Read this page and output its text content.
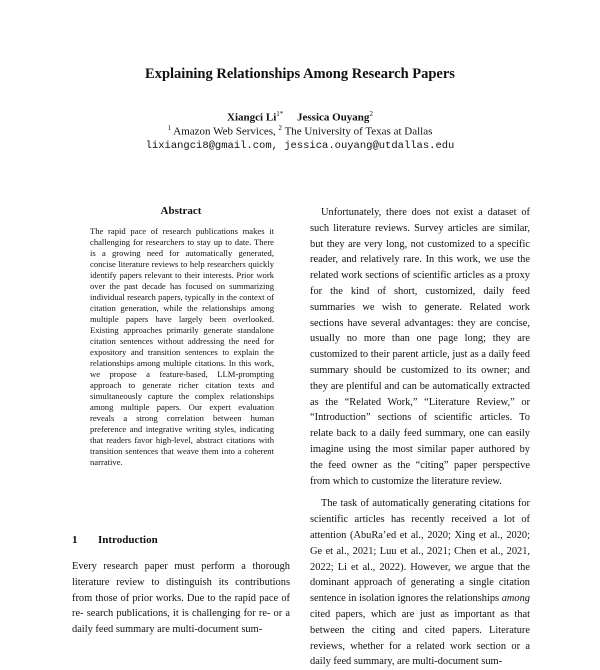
Explaining Relationships Among Research Papers
Xiangci $Li^{1*}$ Jessica Ouyang$^2$
$^1$ Amazon Web Services, $^2$ The University of Texas at Dallas
lixiangci8@gmail.com, jessica.ouyang@utdallas.edu
Abstract
The rapid pace of research publications makes it challenging for researchers to stay up to date. There is a growing need for automatically generated, concise literature reviews to help researchers quickly identify papers relevant to their interests. Prior work over the past decade has focused on summarizing individual research papers, typically in the context of citation generation, while the relationships among multiple papers have largely been overlooked. Existing approaches primarily generate standalone citation sentences without addressing the need for expository and transition sentences to explain the relationships among multiple citations. In this work, we propose a feature-based, LLM-prompting approach to generate richer citation texts and simultaneously capture the complex relationships among multiple papers. Our expert evaluation reveals a strong correlation between human preference and integrative writing styles, indicating that readers favor high-level, abstract citations with transition sentences that weave them into a coherent narrative.
1 Introduction
Every research paper must perform a thorough literature review to distinguish its contributions from those of prior works. Due to the rapid pace of re- search publications, it is challenging for re- or a daily feed summary are multi-document sum-

Unfortunately, there does not exist a dataset of such literature reviews. Survey articles are similar, but they are very long, not customized to a specific reader, and relatively rare. In this work, we use the related work sections of scientific articles as a proxy for the kind of short, customized, daily feed summaries we wish to generate. Related work sections have several advantages: they are concise, usually no more than one page long; they are customized to their parent article, just as a daily feed summary should be customized to its owner; and they are plentiful and can be automatically extracted as the “Related Work,” “Literature Review,” or “Introduction” sections of scientific articles. To relate back to a daily feed summary, one can easily imagine using the most similar paper authored by the feed owner as the “citing” paper perspective from which to customize the literature review.

The task of automatically generating citations for scientific articles has recently received a lot of attention (AbuRa’ed et al., 2020; Xing et al., 2020; Ge et al., 2021; Luu et al., 2021; Chen et al., 2021, 2022; Li et al., 2022). However, we argue that the dominant approach of generating a single citation sentence in isolation ignores the relationships among cited papers, which are just as important as that between the citing and cited papers. Literature reviews, whether for a related work section or a daily feed summary, are multi-document sum-
